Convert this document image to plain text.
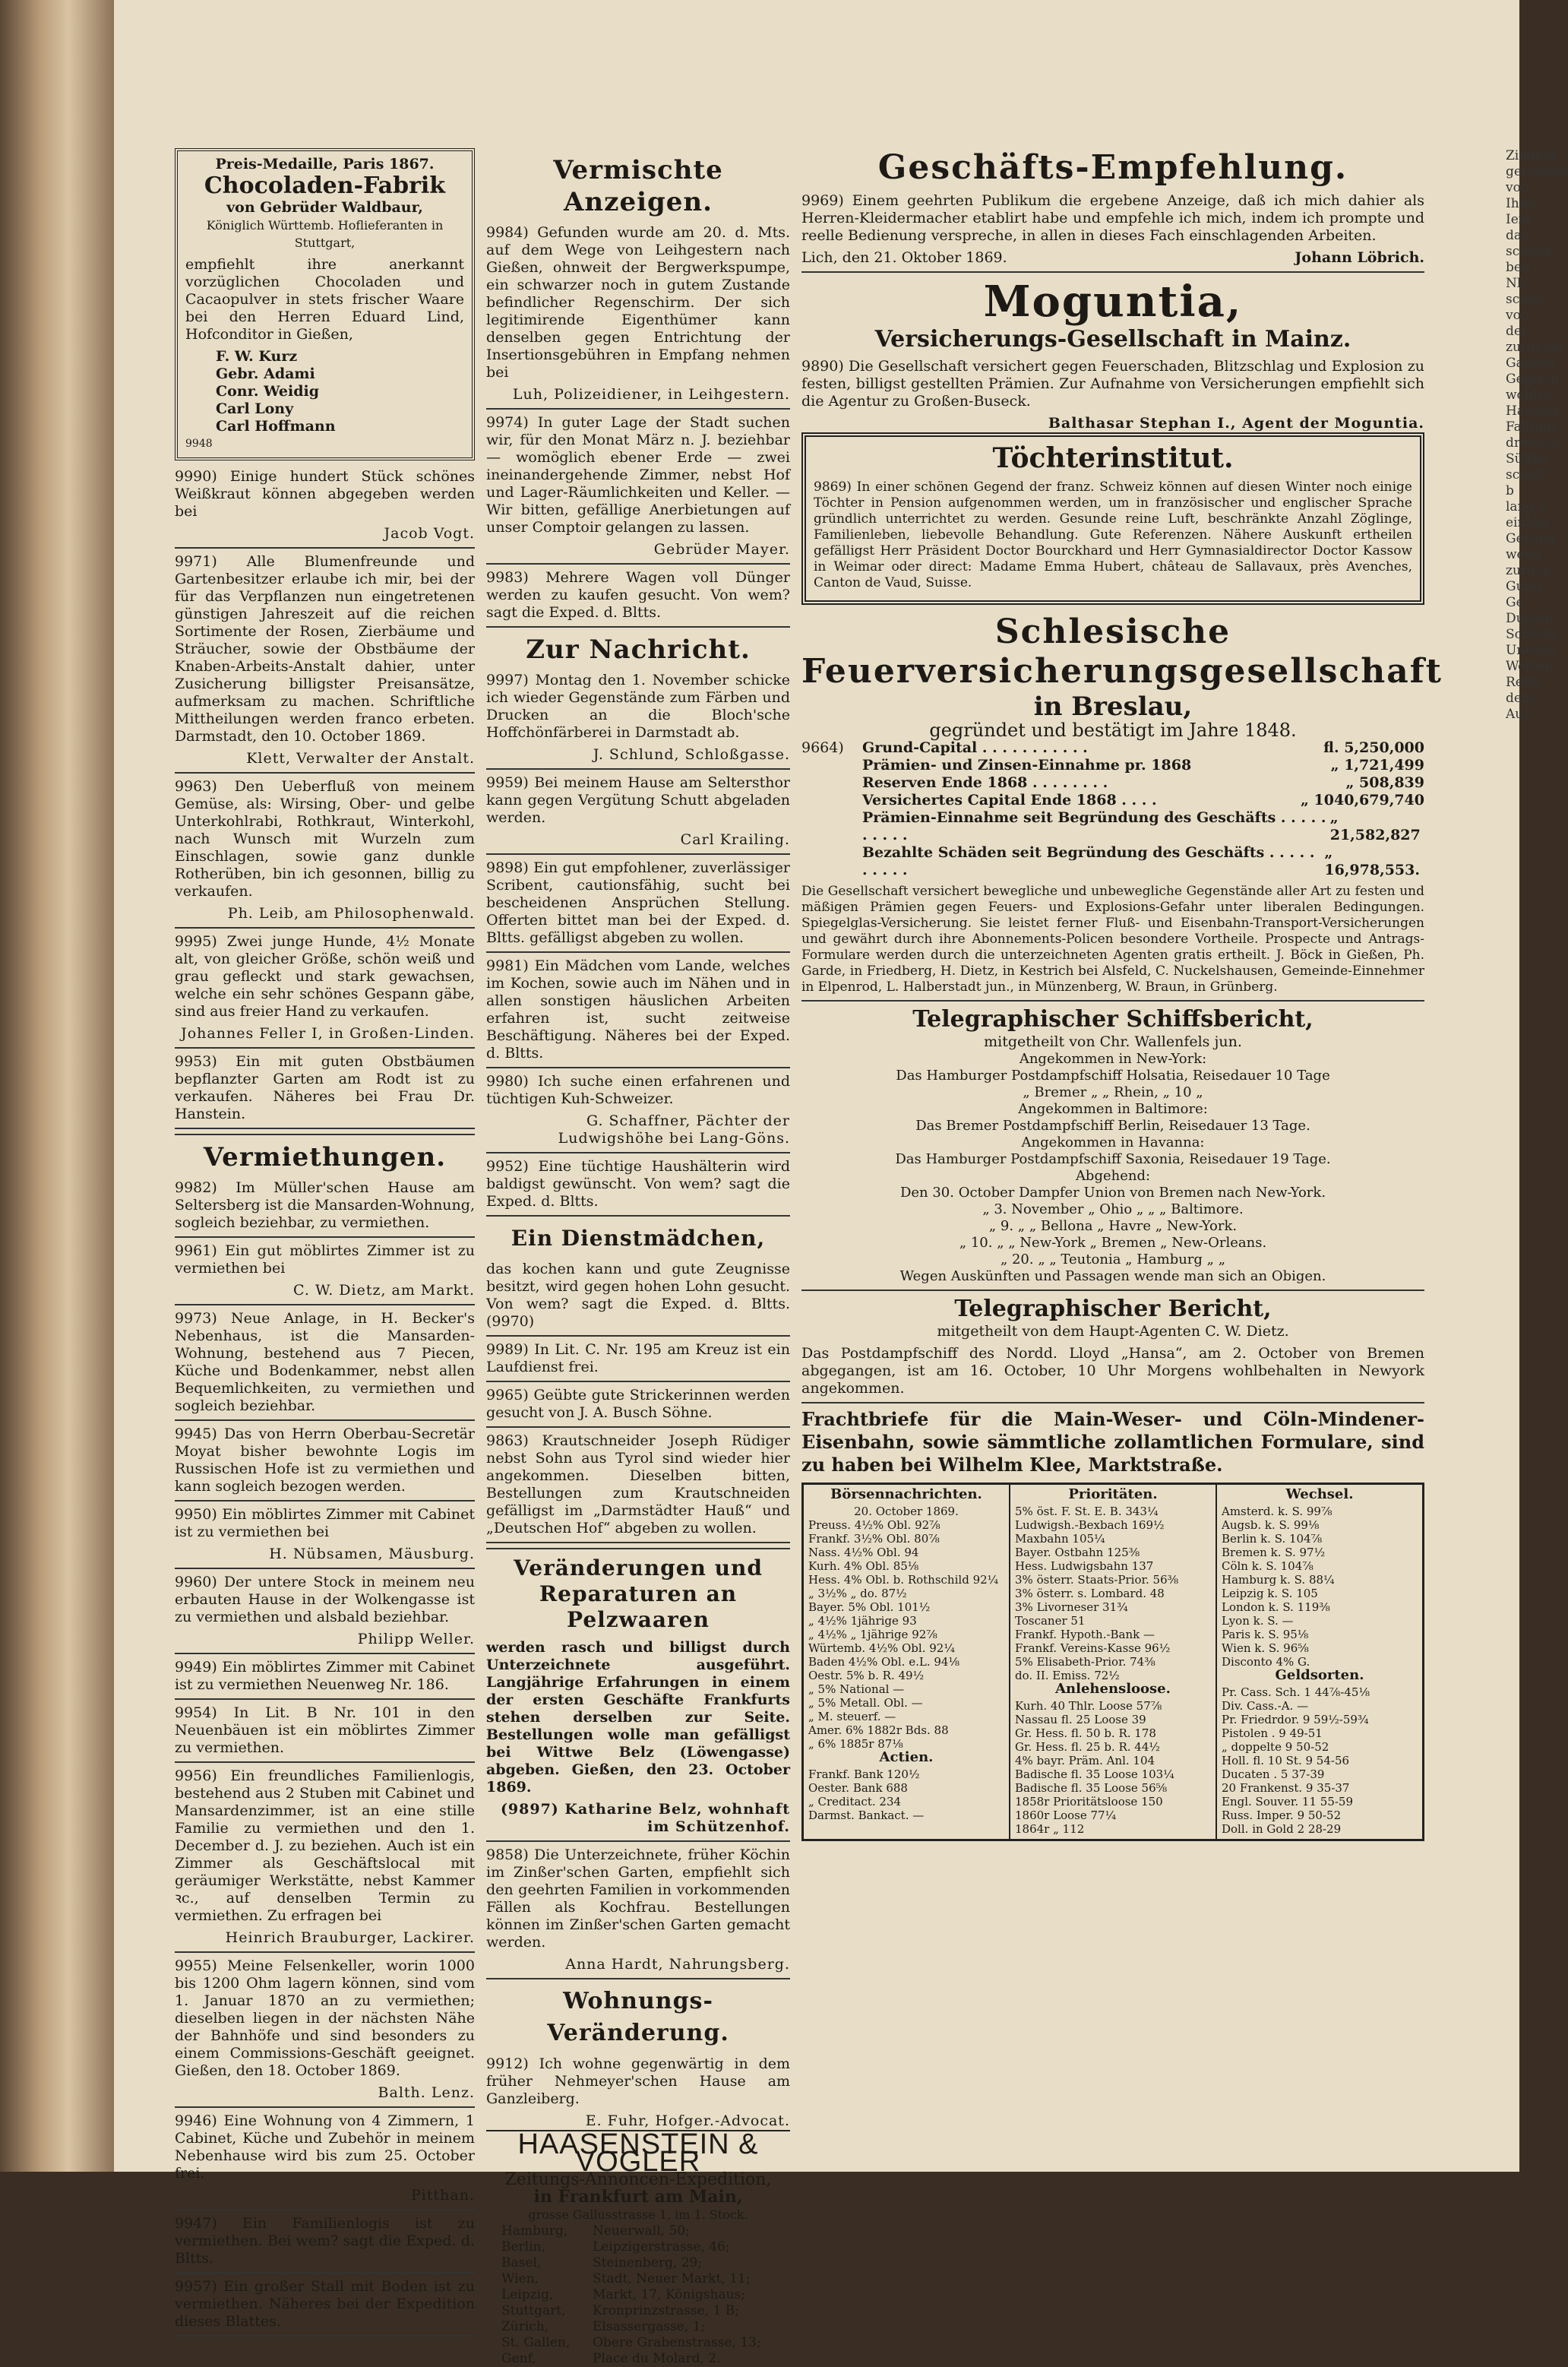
Preis-Medaille, Paris 1867.
Chocoladen-Fabrik
von Gebrüder Waldbaur,
Königlich Württemb. Hoflieferanten in Stuttgart,
empfiehlt ihre anerkannt vorzüglichen Chocoladen und Cacaopulver in stets frischer Waare bei den Herren Eduard Lind, Hofconditor in Gießen,
F. W. Kurz
Gebr. Adami
Conr. Weidig
Carl Lony
Carl Hoffmann
9948
9990) Einige hundert Stück schönes Weißkraut können abgegeben werden bei
Jacob Vogt.
9971) Alle Blumenfreunde und Gartenbesitzer erlaube ich mir, bei der für das Verpflanzen nun eingetretenen günstigen Jahreszeit auf die reichen Sortimente der Rosen, Zierbäume und Sträucher, sowie der Obstbäume der Knaben-Arbeits-Anstalt dahier, unter Zusicherung billigster Preisansätze, aufmerksam zu machen. Schriftliche Mittheilungen werden franco erbeten. Darmstadt, den 10. October 1869.
Klett, Verwalter der Anstalt.
9963) Den Ueberfluß von meinem Gemüse, als: Wirsing, Ober- und gelbe Unterkohlrabi, Rothkraut, Winterkohl, nach Wunsch mit Wurzeln zum Einschlagen, sowie ganz dunkle Rotherüben, bin ich gesonnen, billig zu verkaufen.
Ph. Leib, am Philosophenwald.
9995) Zwei junge Hunde, 4½ Monate alt, von gleicher Größe, schön weiß und grau gefleckt und stark gewachsen, welche ein sehr schönes Gespann gäbe, sind aus freier Hand zu verkaufen.
Johannes Feller I, in Großen-Linden.
9953) Ein mit guten Obstbäumen bepflanzter Garten am Rodt ist zu verkaufen. Näheres bei Frau Dr. Hanstein.
Vermiethungen.
9982) Im Müller'schen Hause am Seltersberg ist die Mansarden-Wohnung, sogleich beziehbar, zu vermiethen.
9961) Ein gut möblirtes Zimmer ist zu vermiethen bei
C. W. Dietz, am Markt.
9973) Neue Anlage, in H. Becker's Nebenhaus, ist die Mansarden-Wohnung, bestehend aus 7 Piecen, Küche und Bodenkammer, nebst allen Bequemlichkeiten, zu vermiethen und sogleich beziehbar.
9945) Das von Herrn Oberbau-Secretär Moyat bisher bewohnte Logis im Russischen Hofe ist zu vermiethen und kann sogleich bezogen werden.
9950) Ein möblirtes Zimmer mit Cabinet ist zu vermiethen bei
H. Nübsamen, Mäusburg.
9960) Der untere Stock in meinem neu erbauten Hause in der Wolkengasse ist zu vermiethen und alsbald beziehbar.
Philipp Weller.
9949) Ein möblirtes Zimmer mit Cabinet ist zu vermiethen Neuenweg Nr. 186.
9954) In Lit. B Nr. 101 in den Neuenbäuen ist ein möblirtes Zimmer zu vermiethen.
9956) Ein freundliches Familienlogis, bestehend aus 2 Stuben mit Cabinet und Mansardenzimmer, ist an eine stille Familie zu vermiethen und den 1. December d. J. zu beziehen. Auch ist ein Zimmer als Geschäftslocal mit geräumiger Werkstätte, nebst Kammer ꝛc., auf denselben Termin zu vermiethen. Zu erfragen bei
Heinrich Brauburger, Lackirer.
9955) Meine Felsenkeller, worin 1000 bis 1200 Ohm lagern können, sind vom 1. Januar 1870 an zu vermiethen; dieselben liegen in der nächsten Nähe der Bahnhöfe und sind besonders zu einem Commissions-Geschäft geeignet. Gießen, den 18. October 1869.
Balth. Lenz.
9946) Eine Wohnung von 4 Zimmern, 1 Cabinet, Küche und Zubehör in meinem Nebenhause wird bis zum 25. October frei.
Pitthan.
9947) Ein Familienlogis ist zu vermiethen. Bei wem? sagt die Exped. d. Bltts.
9957) Ein großer Stall mit Boden ist zu vermiethen. Näheres bei der Expedition dieses Blattes.
Vermischte Anzeigen.
9984) Gefunden wurde am 20. d. Mts. auf dem Wege von Leihgestern nach Gießen, ohnweit der Bergwerkspumpe, ein schwarzer noch in gutem Zustande befindlicher Regenschirm. Der sich legitimirende Eigenthümer kann denselben gegen Entrichtung der Insertionsgebühren in Empfang nehmen bei
Luh, Polizeidiener, in Leihgestern.
9974) In guter Lage der Stadt suchen wir, für den Monat März n. J. beziehbar — womöglich ebener Erde — zwei ineinandergehende Zimmer, nebst Hof und Lager-Räumlichkeiten und Keller. — Wir bitten, gefällige Anerbietungen auf unser Comptoir gelangen zu lassen.
Gebrüder Mayer.
9983) Mehrere Wagen voll Dünger werden zu kaufen gesucht. Von wem? sagt die Exped. d. Bltts.
Zur Nachricht.
9997) Montag den 1. November schicke ich wieder Gegenstände zum Färben und Drucken an die Bloch'sche Hoffchönfärberei in Darmstadt ab.
J. Schlund, Schloßgasse.
9959) Bei meinem Hause am Seltersthor kann gegen Vergütung Schutt abgeladen werden.
Carl Krailing.
9898) Ein gut empfohlener, zuverlässiger Scribent, cautionsfähig, sucht bei bescheidenen Ansprüchen Stellung. Offerten bittet man bei der Exped. d. Bltts. gefälligst abgeben zu wollen.
9981) Ein Mädchen vom Lande, welches im Kochen, sowie auch im Nähen und in allen sonstigen häuslichen Arbeiten erfahren ist, sucht zeitweise Beschäftigung. Näheres bei der Exped. d. Bltts.
9980) Ich suche einen erfahrenen und tüchtigen Kuh-Schweizer.
G. Schaffner, Pächter der Ludwigshöhe bei Lang-Göns.
9952) Eine tüchtige Haushälterin wird baldigst gewünscht. Von wem? sagt die Exped. d. Bltts.
Ein Dienstmädchen,
das kochen kann und gute Zeugnisse besitzt, wird gegen hohen Lohn gesucht. Von wem? sagt die Exped. d. Bltts. (9970)
9989) In Lit. C. Nr. 195 am Kreuz ist ein Laufdienst frei.
9965) Geübte gute Strickerinnen werden gesucht von J. A. Busch Söhne.
9863) Krautschneider Joseph Rüdiger nebst Sohn aus Tyrol sind wieder hier angekommen. Dieselben bitten, Bestellungen zum Krautschneiden gefälligst im „Darmstädter Hauß“ und „Deutschen Hof“ abgeben zu wollen.
Veränderungen und Reparaturen an Pelzwaaren
werden rasch und billigst durch Unterzeichnete ausgeführt. Langjährige Erfahrungen in einem der ersten Geschäfte Frankfurts stehen derselben zur Seite. Bestellungen wolle man gefälligst bei Wittwe Belz (Löwengasse) abgeben. Gießen, den 23. October 1869.
(9897) Katharine Belz, wohnhaft im Schützenhof.
9858) Die Unterzeichnete, früher Köchin im Zinßer'schen Garten, empfiehlt sich den geehrten Familien in vorkommenden Fällen als Kochfrau. Bestellungen können im Zinßer'schen Garten gemacht werden.
Anna Hardt, Nahrungsberg.
Wohnungs-Veränderung.
9912) Ich wohne gegenwärtig in dem früher Nehmeyer'schen Hause am Ganzleiberg.
E. Fuhr, Hofger.-Advocat.
HAASENSTEIN & VOGLER
Zeitungs-Annoncen-Expedition,
in Frankfurt am Main,
grosse Gallusstrasse 1, im 1. Stock.
Hamburg,	Neuerwall, 50;
Berlin,	Leipzigerstrasse, 46;
Basel,	Steinenberg, 29;
Wien,	Stadt, Neuer Markt, 11;
Leipzig,	Markt, 17, Königshaus;
Stuttgart,	Kronprinzstrasse, 1 B;
Zürich,	Elsassergasse, 1;
St. Gallen,	Obere Grabenstrasse, 13;
Genf,	Place du Molard, 2.
Geschäfts-Empfehlung.
9969) Einem geehrten Publikum die ergebene Anzeige, daß ich mich dahier als Herren-Kleidermacher etablirt habe und empfehle ich mich, indem ich prompte und reelle Bedienung verspreche, in allen in dieses Fach einschlagenden Arbeiten.
Lich, den 21. Oktober 1869.	Johann Löbrich.
Moguntia,
Versicherungs-Gesellschaft in Mainz.
9890) Die Gesellschaft versichert gegen Feuerschaden, Blitzschlag und Explosion zu festen, billigst gestellten Prämien. Zur Aufnahme von Versicherungen empfiehlt sich die Agentur zu Großen-Buseck.
Balthasar Stephan I., Agent der Moguntia.
Töchterinstitut.
9869) In einer schönen Gegend der franz. Schweiz können auf diesen Winter noch einige Töchter in Pension aufgenommen werden, um in französischer und englischer Sprache gründlich unterrichtet zu werden. Gesunde reine Luft, beschränkte Anzahl Zöglinge, Familienleben, liebevolle Behandlung. Gute Referenzen. Nähere Auskunft ertheilen gefälligst Herr Präsident Doctor Bourckhard und Herr Gymnasialdirector Doctor Kassow in Weimar oder direct: Madame Emma Hubert, château de Sallavaux, près Avenches, Canton de Vaud, Suisse.
Schlesische Feuerversicherungsgesellschaft
in Breslau,
gegründet und bestätigt im Jahre 1848.
9664)	Grund-Capital . . . . . . . . . . .	fl. 5,250,000
Prämien- und Zinsen-Einnahme pr. 1868	„ 1,721,499
Reserven Ende 1868 . . . . . . . .	„ 508,839
Versichertes Capital Ende 1868 . . . .	„ 1040,679,740
Prämien-Einnahme seit Begründung des Geschäfts . . . . . . . . . .
„ 21,582,827
Bezahlte Schäden seit Begründung des Geschäfts . . . . . . . . . .
„ 16,978,553.
Die Gesellschaft versichert bewegliche und unbewegliche Gegenstände aller Art zu festen und mäßigen Prämien gegen Feuers- und Explosions-Gefahr unter liberalen Bedingungen. Spiegelglas-Versicherung. Sie leistet ferner Fluß- und Eisenbahn-Transport-Versicherungen und gewährt durch ihre Abonnements-Policen besondere Vortheile. Prospecte und Antrags-Formulare werden durch die unterzeichneten Agenten gratis ertheilt. J. Böck in Gießen, Ph. Garde, in Friedberg, H. Dietz, in Kestrich bei Alsfeld, C. Nuckelshausen, Gemeinde-Einnehmer in Elpenrod, L. Halberstadt jun., in Münzenberg, W. Braun, in Grünberg.
Telegraphischer Schiffsbericht,
mitgetheilt von Chr. Wallenfels jun.
Angekommen in New-York:
Das Hamburger Postdampfschiff Holsatia, Reisedauer 10 Tage
„ Bremer „ „ Rhein, „ 10 „
Angekommen in Baltimore:
Das Bremer Postdampfschiff Berlin, Reisedauer 13 Tage.
Angekommen in Havanna:
Das Hamburger Postdampfschiff Saxonia, Reisedauer 19 Tage.
Abgehend:
Den 30. October Dampfer Union von Bremen nach New-York.
„ 3. November „ Ohio „ „ „ Baltimore.
„ 9. „ „ Bellona „ Havre „ New-York.
„ 10. „ „ New-York „ Bremen „ New-Orleans.
„ 20. „ „ Teutonia „ Hamburg „ „
Wegen Auskünften und Passagen wende man sich an Obigen.
Telegraphischer Bericht,
mitgetheilt von dem Haupt-Agenten C. W. Dietz.
Das Postdampfschiff des Nordd. Lloyd „Hansa“, am 2. October von Bremen abgegangen, ist am 16. October, 10 Uhr Morgens wohlbehalten in Newyork angekommen.
Frachtbriefe für die Main-Weser- und Cöln-Mindener-Eisenbahn, sowie sämmtliche zollamtlichen Formulare, sind zu haben bei Wilhelm Klee, Marktstraße.
Börsennachrichten.
20. October 1869.
Preuss. 4½% Obl. 92⅞
Frankf. 3½% Obl. 80⅞
Nass. 4½% Obl. 94
Kurh. 4% Obl. 85⅛
Hess. 4% Obl. b. Rothschild 92¼
„ 3½% „ do. 87½
Bayer. 5% Obl. 101½
„ 4½% 1jährige 93
„ 4½% „ 1jährige 92⅞
Würtemb. 4½% Obl. 92¼
Baden 4½% Obl. e.L. 94⅛
Oestr. 5% b. R. 49½
„ 5% National —
„ 5% Metall. Obl. —
„ M. steuerf. —
Amer. 6% 1882r Bds. 88
„ 6% 1885r 87⅛
Actien.
Frankf. Bank 120½
Oester. Bank 688
„ Creditact. 234
Darmst. Bankact. —
Prioritäten.
5% öst. F. St. E. B. 343¼
Ludwigsh.-Bexbach 169½
Maxbahn 105¼
Bayer. Ostbahn 125⅜
Hess. Ludwigsbahn 137
3% österr. Staats-Prior. 56⅜
3% österr. s. Lombard. 48
3% Livorneser 31¾
Toscaner 51
Frankf. Hypoth.-Bank —
Frankf. Vereins-Kasse 96½
5% Elisabeth-Prior. 74⅜
do. II. Emiss. 72½
Anlehensloose.
Kurh. 40 Thlr. Loose 57⅞
Nassau fl. 25 Loose 39
Gr. Hess. fl. 50 b. R. 178
Gr. Hess. fl. 25 b. R. 44½
4% bayr. Präm. Anl. 104
Badische fl. 35 Loose 103¼
Badische fl. 35 Loose 56⅝
1858r Prioritätsloose 150
1860r Loose 77¼
1864r „ 112
Wechsel.
Amsterd. k. S. 99⅞
Augsb. k. S. 99⅛
Berlin k. S. 104⅞
Bremen k. S. 97½
Cöln k. S. 104⅞
Hamburg k. S. 88¼
Leipzig k. S. 105
London k. S. 119⅜
Lyon k. S. —
Paris k. S. 95⅛
Wien k. S. 96⅝
Disconto 4% G.
Geldsorten.
Pr. Cass. Sch. 1 44⅞-45⅛
Div. Cass.-A. —
Pr. Friedrdor. 9 59½-59¾
Pistolen . 9 49-51
„ doppelte 9 50-52
Holl. fl. 10 St. 9 54-56
Ducaten . 5 37-39
20 Frankenst. 9 35-37
Engl. Souver. 11 55-59
Russ. Imper. 9 50-52
Doll. in Gold 2 28-29
Zimmer
gerabgen
von Ihne
Iein das
schöne
ben Nb
schön
von der
zurückm
Ganges
Geipzäh
wohlsh
Hausma
Fallthür
drenlich
Sülfan
schaft b
lang a
einhba
Gesund
wenn
zurück
Guter
Ge
Duponi
Schreib
Unruhe
Werten
Reffe
dem
Aus
